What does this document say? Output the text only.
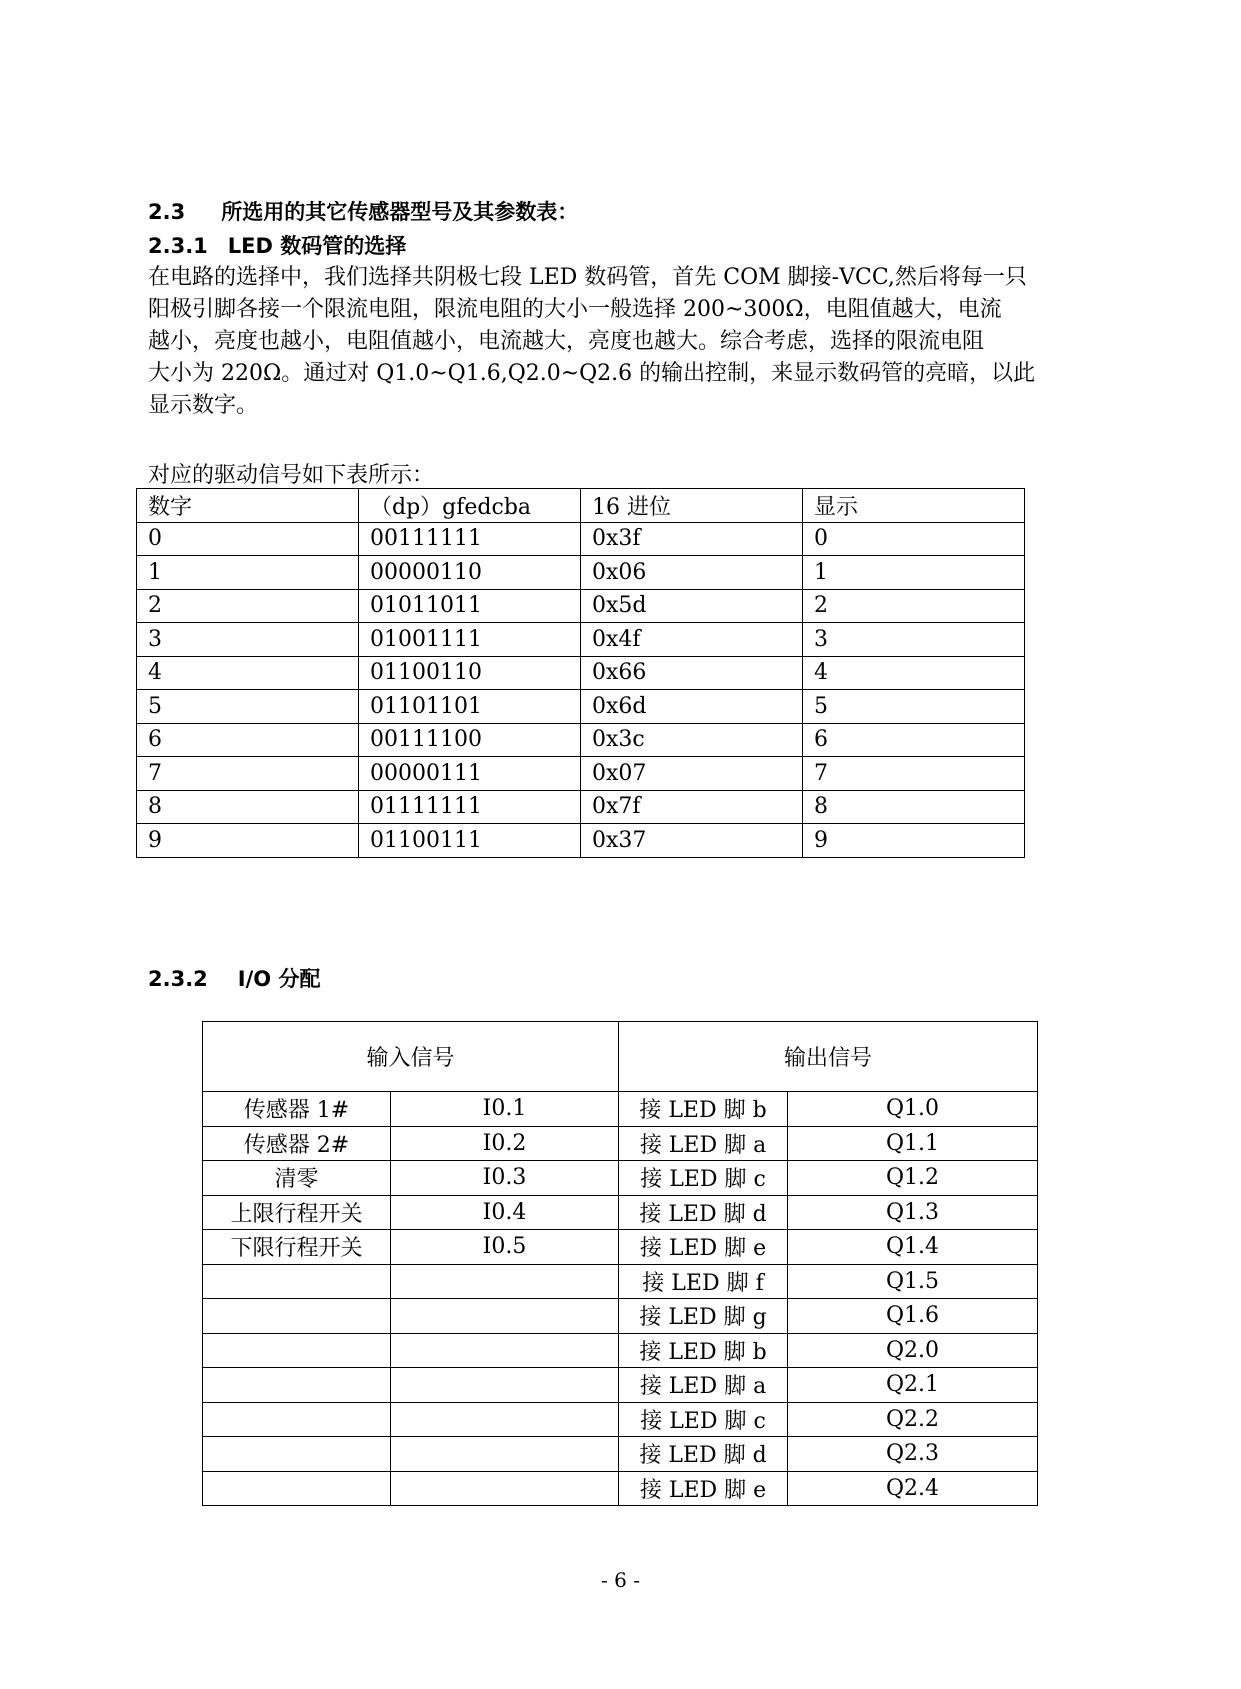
2.3 所选用的其它传感器型号及其参数表：
2.3.1 LED 数码管的选择
在电路的选择中，我们选择共阴极七段 LED 数码管，首先 COM 脚接-VCC,然后将每一只
阳极引脚各接一个限流电阻，限流电阻的大小一般选择 200~300Ω，电阻值越大，电流
越小，亮度也越小，电阻值越小，电流越大，亮度也越大。综合考虑，选择的限流电阻
大小为 220Ω。通过对 Q1.0~Q1.6,Q2.0~Q2.6 的输出控制，来显示数码管的亮暗，以此
显示数字。
对应的驱动信号如下表所示：
数字	（dp）gfedcba	16 进位	显示
0	00111111	0x3f	0
1	00000110	0x06	1
2	01011011	0x5d	2
3	01001111	0x4f	3
4	01100110	0x66	4
5	01101101	0x6d	5
6	00111100	0x3c	6
7	00000111	0x07	7
8	01111111	0x7f	8
9	01100111	0x37	9
2.3.2 I/O 分配
输入信号		输出信号	
传感器 1#	I0.1	接 LED 脚 b	Q1.0
传感器 2#	I0.2	接 LED 脚 a	Q1.1
清零	I0.3	接 LED 脚 c	Q1.2
上限行程开关	I0.4	接 LED 脚 d	Q1.3
下限行程开关	I0.5	接 LED 脚 e	Q1.4
		接 LED 脚 f	Q1.5
		接 LED 脚 g	Q1.6
		接 LED 脚 b	Q2.0
		接 LED 脚 a	Q2.1
		接 LED 脚 c	Q2.2
		接 LED 脚 d	Q2.3
		接 LED 脚 e	Q2.4
- 6 -
